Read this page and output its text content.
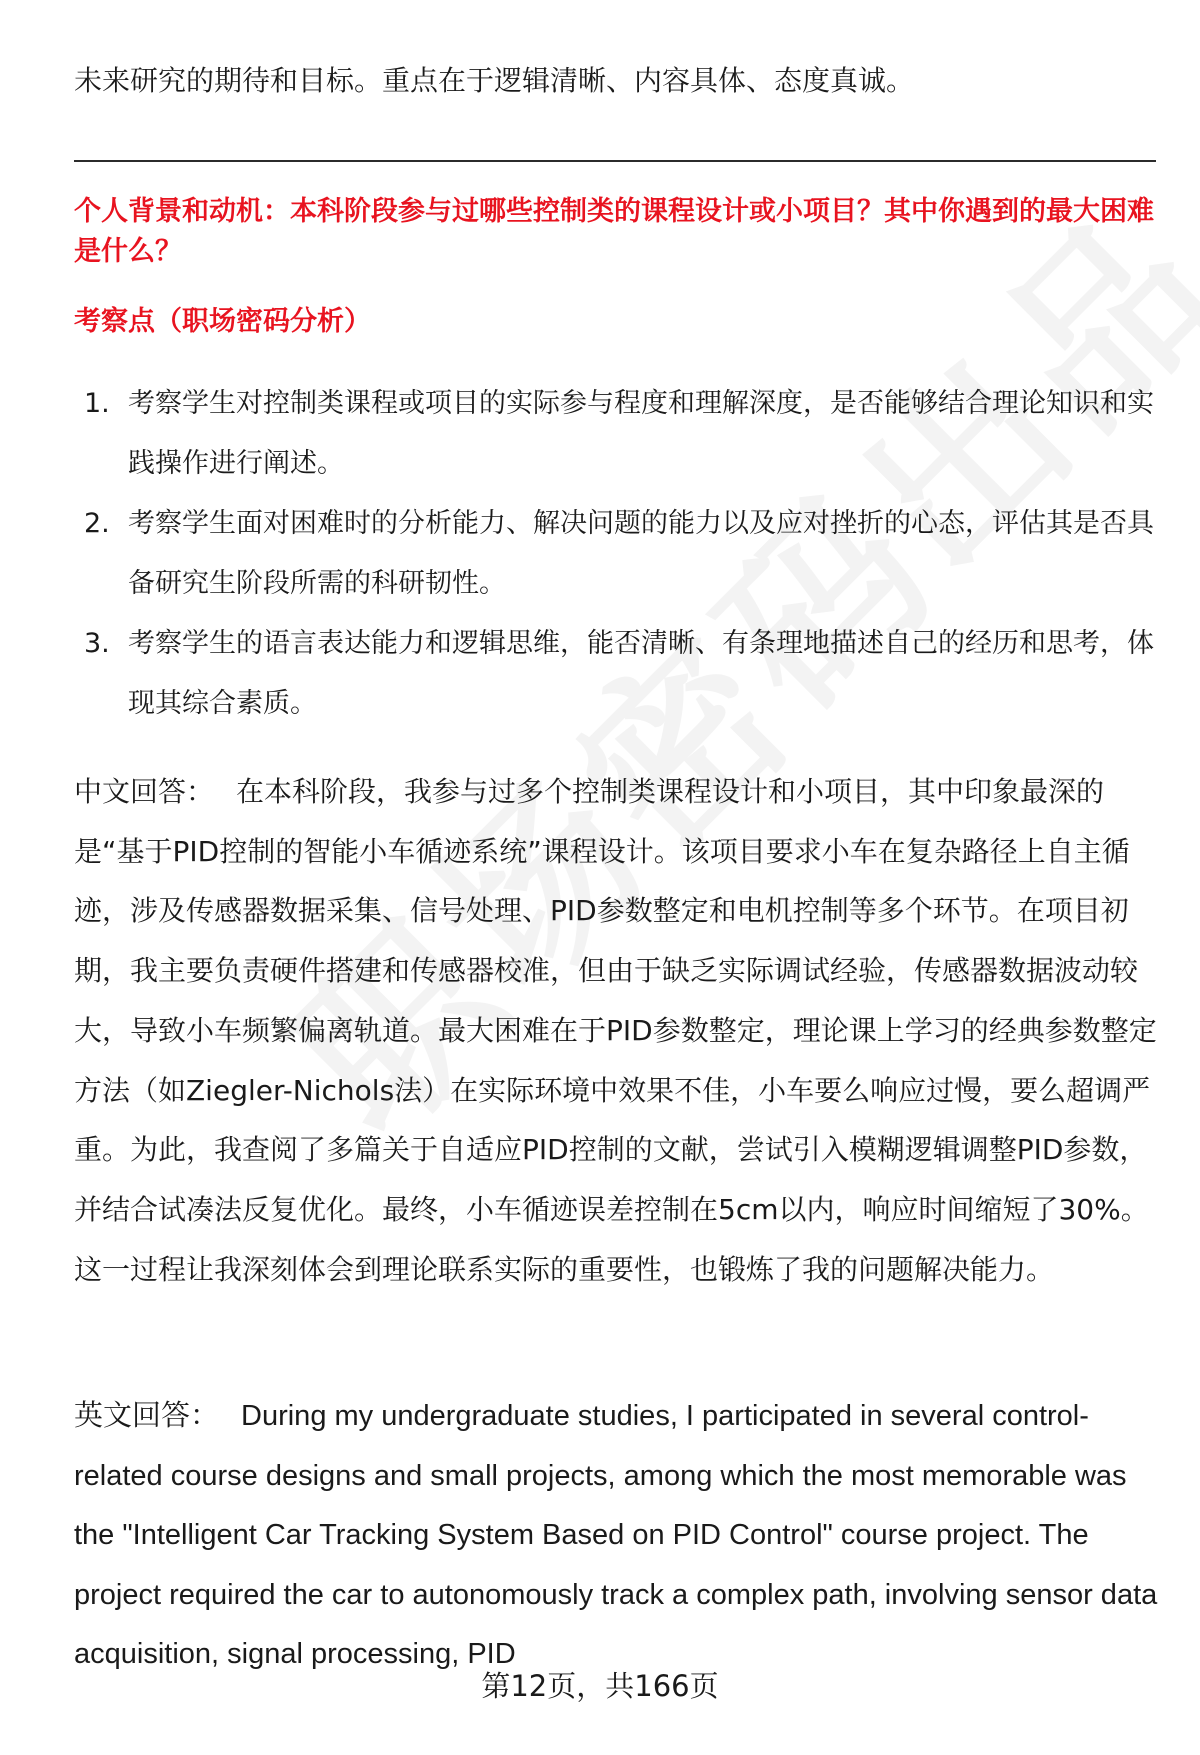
未来研究的期待和目标。重点在于逻辑清晰、内容具体、态度真诚。
个人背景和动机：本科阶段参与过哪些控制类的课程设计或小项目？其中你遇到的最大困难是什么？
考察点（职场密码分析）
1. 考察学生对控制类课程或项目的实际参与程度和理解深度，是否能够结合理论知识和实践操作进行阐述。
2. 考察学生面对困难时的分析能力、解决问题的能力以及应对挫折的心态，评估其是否具备研究生阶段所需的科研韧性。
3. 考察学生的语言表达能力和逻辑思维，能否清晰、有条理地描述自己的经历和思考，体现其综合素质。

中文回答： 在本科阶段，我参与过多个控制类课程设计和小项目，其中印象最深的是“基于PID控制的智能小车循迹系统”课程设计。该项目要求小车在复杂路径上自主循迹，涉及传感器数据采集、信号处理、PID参数整定和电机控制等多个环节。在项目初期，我主要负责硬件搭建和传感器校准，但由于缺乏实际调试经验，传感器数据波动较大，导致小车频繁偏离轨道。最大困难在于PID参数整定，理论课上学习的经典参数整定方法（如Ziegler-Nichols法）在实际环境中效果不佳，小车要么响应过慢，要么超调严重。为此，我查阅了多篇关于自适应PID控制的文献，尝试引入模糊逻辑调整PID参数，并结合试凑法反复优化。最终，小车循迹误差控制在5cm以内，响应时间缩短了30%。这一过程让我深刻体会到理论联系实际的重要性，也锻炼了我的问题解决能力。

英文回答： During my undergraduate studies, I participated in several control-related course designs and small projects, among which the most memorable was the "Intelligent Car Tracking System Based on PID Control" course project. The project required the car to autonomously track a complex path, involving sensor data acquisition, signal processing, PID

第12页，共166页
